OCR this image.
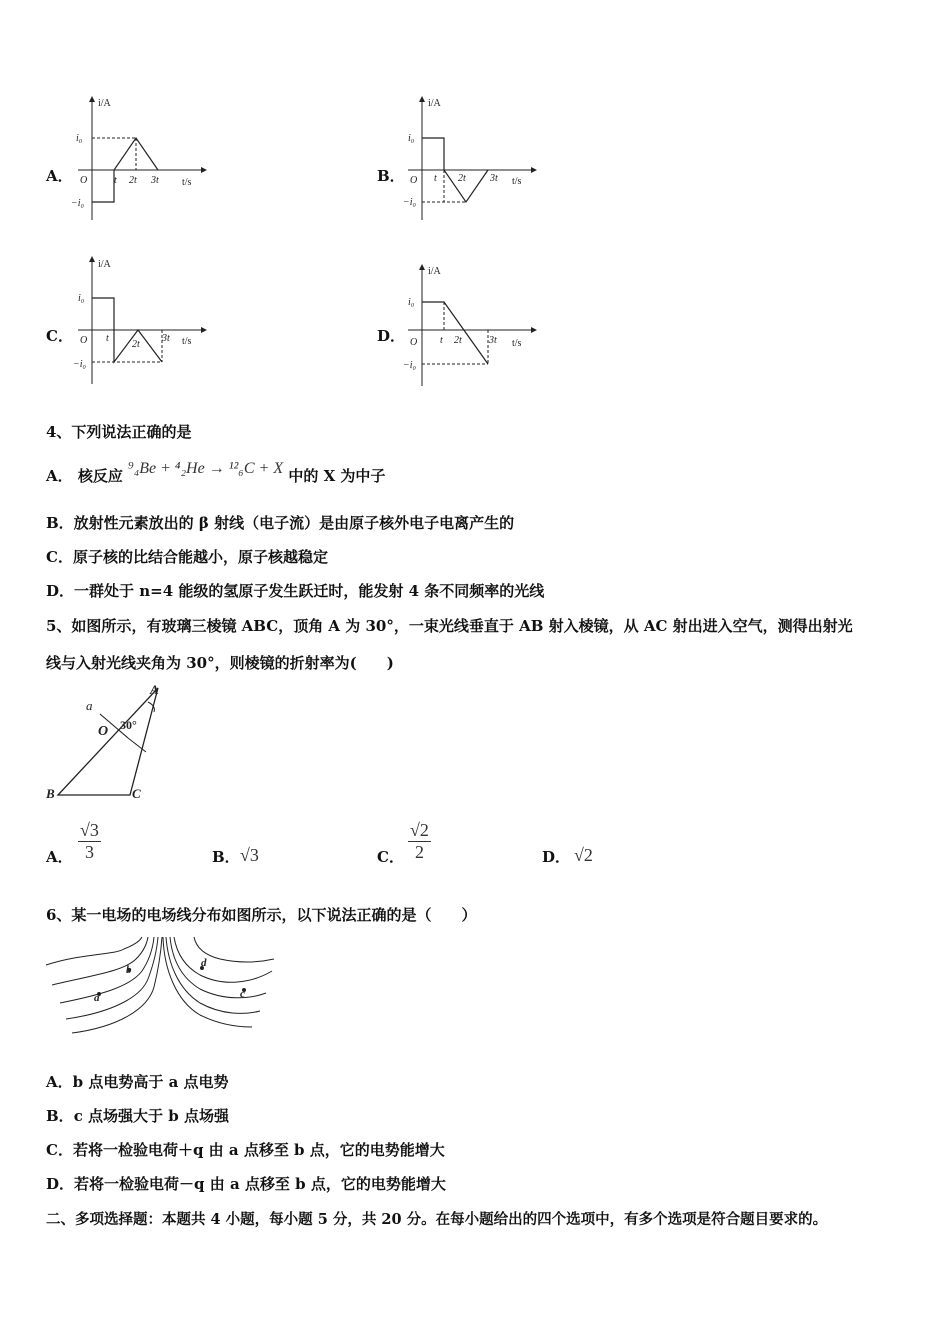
A．
i/A
t/s
O
i₀
−i₀
t 2t 3t	B．
i/A
t/s
O
i₀
−i₀
t 2t 3t
C．
i/A
t/s
O
i₀
−i₀
t
2t
3t	D．
i/A
t/s
O
i₀
−i₀
t 2t	3t
4、下列说法正确的是
A． 核反应 ⁹₄Be + ⁴₂He → ¹²₆C + X 中的 X 为中子
B．放射性元素放出的 β 射线（电子流）是由原子核外电子电离产生的
C．原子核的比结合能越小，原子核越稳定
D．一群处于 n=4 能级的氢原子发生跃迁时，能发射 4 条不同频率的光线
5、如图所示，有玻璃三棱镜 ABC，顶角 A 为 30°，一束光线垂直于 AB 射入棱镜，从 AC 射出进入空气，测得出射光
线与入射光线夹角为 30°，则棱镜的折射率为(　　)
a
A
O 30°
B	C
A． $\frac{√3}{3}$	B． √3	C． $\frac{√2}{2}$	D． √2
6、某一电场的电场线分布如图所示，以下说法正确的是（　　）
a
b
c
d
A．b 点电势高于 a 点电势
B．c 点场强大于 b 点场强
C．若将一检验电荷＋q 由 a 点移至 b 点，它的电势能增大
D．若将一检验电荷－q 由 a 点移至 b 点，它的电势能增大
二、多项选择题：本题共 4 小题，每小题 5 分，共 20 分。在每小题给出的四个选项中，有多个选项是符合题目要求的。
